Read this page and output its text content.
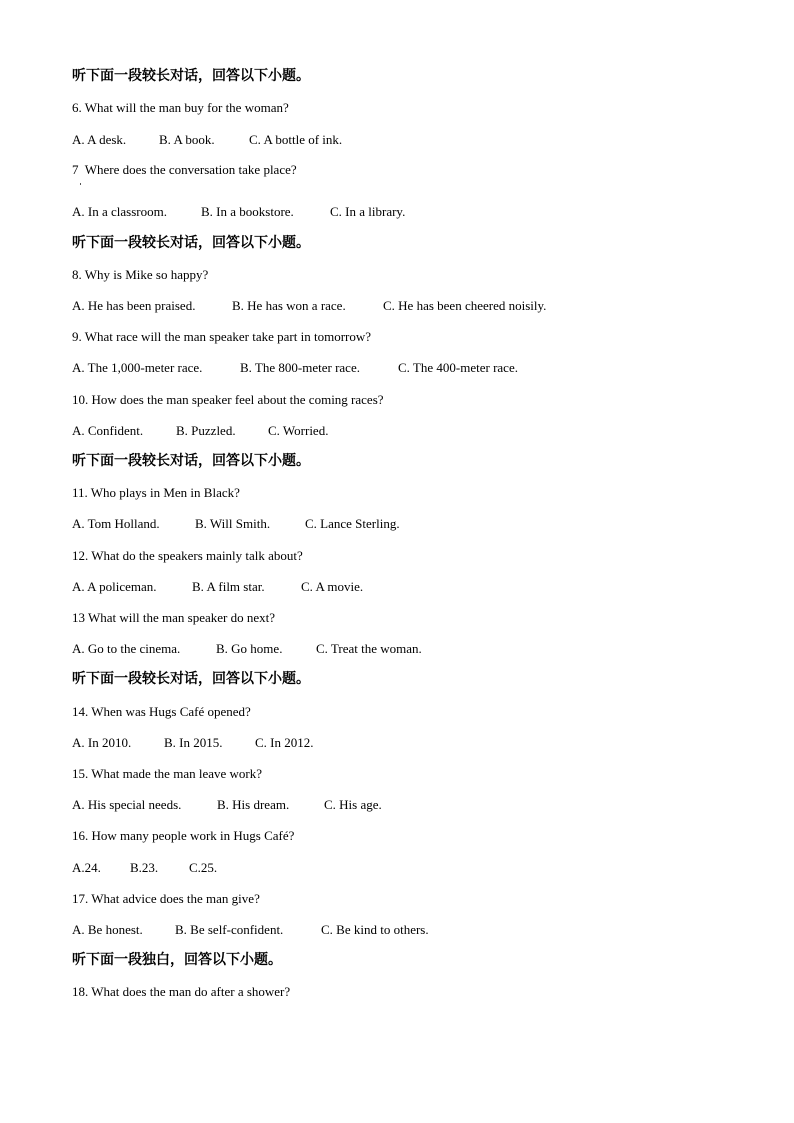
听下面一段较长对话，回答以下小题。
6. What will the man buy for the woman?
A. A desk.	B. A book.	C. A bottle of ink.
7  Where does the conversation take place?
A. In a classroom.	B. In a bookstore.	C. In a library.
听下面一段较长对话，回答以下小题。
8. Why is Mike so happy?
A. He has been praised.	B. He has won a race.	C. He has been cheered noisily.
9. What race will the man speaker take part in tomorrow?
A. The 1,000-meter race.	B. The 800-meter race.	C. The 400-meter race.
10. How does the man speaker feel about the coming races?
A. Confident.	B. Puzzled. C. Worried.
听下面一段较长对话，回答以下小题。
11. Who plays in Men in Black?
A. Tom Holland.	B. Will Smith.	C. Lance Sterling.
12. What do the speakers mainly talk about?
A. A policeman.	B. A film star.	C. A movie.
13 What will the man speaker do next?
A. Go to the cinema.	B. Go home.	C. Treat the woman.
听下面一段较长对话，回答以下小题。
14. When was Hugs Café opened?
A. In 2010.	B. In 2015.	C. In 2012.
15. What made the man leave work?
A. His special needs.	B. His dream.	C. His age.
16. How many people work in Hugs Café?
A.24. B.23. C.25.
17. What advice does the man give?
A. Be honest. B. Be self-confident.	C. Be kind to others.
听下面一段独白，回答以下小题。
18. What does the man do after a shower?
